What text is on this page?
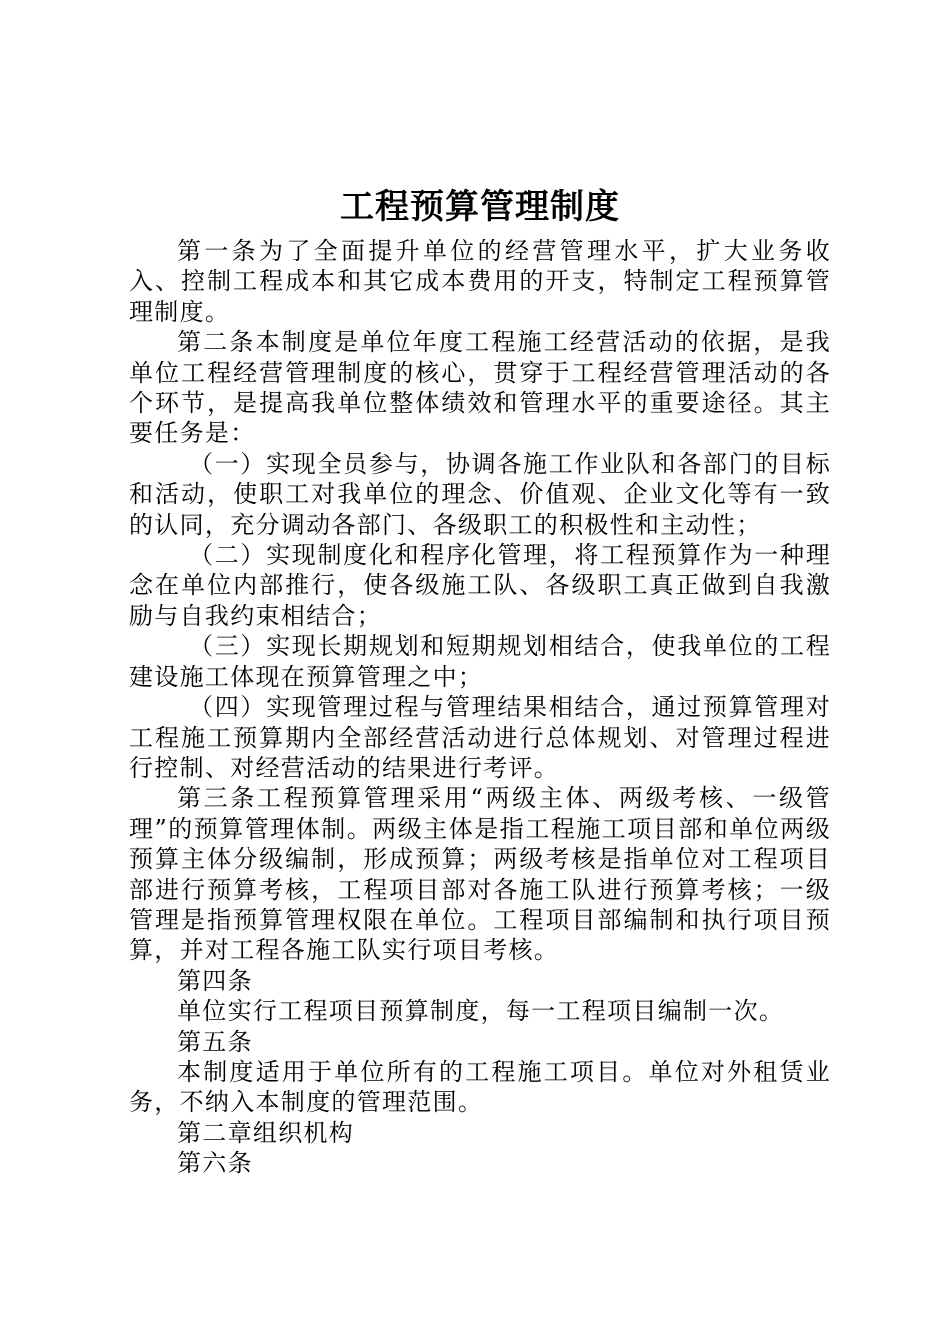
工程预算管理制度

第一条为了全面提升单位的经营管理水平，扩大业务收入、控制工程成本和其它成本费用的开支，特制定工程预算管理制度。

第二条本制度是单位年度工程施工经营活动的依据，是我单位工程经营管理制度的核心，贯穿于工程经营管理活动的各个环节，是提高我单位整体绩效和管理水平的重要途径。其主要任务是：

（一）实现全员参与，协调各施工作业队和各部门的目标和活动，使职工对我单位的理念、价值观、企业文化等有一致的认同，充分调动各部门、各级职工的积极性和主动性；

（二）实现制度化和程序化管理，将工程预算作为一种理念在单位内部推行，使各级施工队、各级职工真正做到自我激励与自我约束相结合；

（三）实现长期规划和短期规划相结合，使我单位的工程建设施工体现在预算管理之中；

（四）实现管理过程与管理结果相结合，通过预算管理对工程施工预算期内全部经营活动进行总体规划、对管理过程进行控制、对经营活动的结果进行考评。

第三条工程预算管理采用“两级主体、两级考核、一级管理”的预算管理体制。两级主体是指工程施工项目部和单位两级预算主体分级编制，形成预算；两级考核是指单位对工程项目部进行预算考核，工程项目部对各施工队进行预算考核；一级管理是指预算管理权限在单位。工程项目部编制和执行项目预算，并对工程各施工队实行项目考核。

第四条

单位实行工程项目预算制度，每一工程项目编制一次。

第五条

本制度适用于单位所有的工程施工项目。单位对外租赁业务，不纳入本制度的管理范围。

第二章组织机构

第六条
